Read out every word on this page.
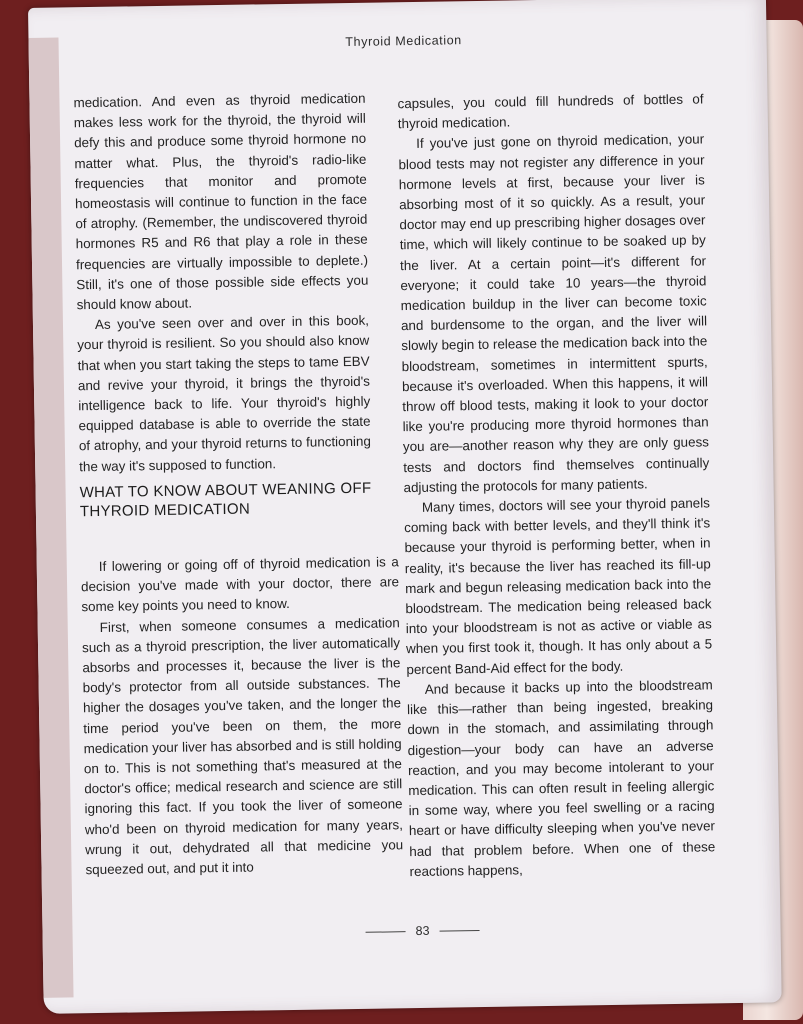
Thyroid Medication

medication. And even as thyroid medication makes less work for the thyroid, the thyroid will defy this and produce some thyroid hormone no matter what. Plus, the thyroid's radio-like frequencies that monitor and promote homeostasis will continue to function in the face of atrophy. (Remember, the undiscovered thyroid hormones R5 and R6 that play a role in these frequencies are virtually impossible to deplete.) Still, it's one of those possible side effects you should know about.

As you've seen over and over in this book, your thyroid is resilient. So you should also know that when you start taking the steps to tame EBV and revive your thyroid, it brings the thyroid's intelligence back to life. Your thyroid's highly equipped database is able to override the state of atrophy, and your thyroid returns to functioning the way it's supposed to function.

WHAT TO KNOW ABOUT WEANING OFF THYROID MEDICATION

If lowering or going off of thyroid medication is a decision you've made with your doctor, there are some key points you need to know.

First, when someone consumes a medication such as a thyroid prescription, the liver automatically absorbs and processes it, because the liver is the body's protector from all outside substances. The higher the dosages you've taken, and the longer the time period you've been on them, the more medication your liver has absorbed and is still holding on to. This is not something that's measured at the doctor's office; medical research and science are still ignoring this fact. If you took the liver of someone who'd been on thyroid medication for many years, wrung it out, dehydrated all that medicine you squeezed out, and put it into

capsules, you could fill hundreds of bottles of thyroid medication.

If you've just gone on thyroid medication, your blood tests may not register any difference in your hormone levels at first, because your liver is absorbing most of it so quickly. As a result, your doctor may end up prescribing higher dosages over time, which will likely continue to be soaked up by the liver. At a certain point—it's different for everyone; it could take 10 years—the thyroid medication buildup in the liver can become toxic and burdensome to the organ, and the liver will slowly begin to release the medication back into the bloodstream, sometimes in intermittent spurts, because it's overloaded. When this happens, it will throw off blood tests, making it look to your doctor like you're producing more thyroid hormones than you are—another reason why they are only guess tests and doctors find themselves continually adjusting the protocols for many patients.

Many times, doctors will see your thyroid panels coming back with better levels, and they'll think it's because your thyroid is performing better, when in reality, it's because the liver has reached its fill-up mark and begun releasing medication back into the bloodstream. The medication being released back into your bloodstream is not as active or viable as when you first took it, though. It has only about a 5 percent Band-Aid effect for the body.

And because it backs up into the bloodstream like this—rather than being ingested, breaking down in the stomach, and assimilating through digestion—your body can have an adverse reaction, and you may become intolerant to your medication. This can often result in feeling allergic in some way, where you feel swelling or a racing heart or have difficulty sleeping when you've never had that problem before. When one of these reactions happens,

83
